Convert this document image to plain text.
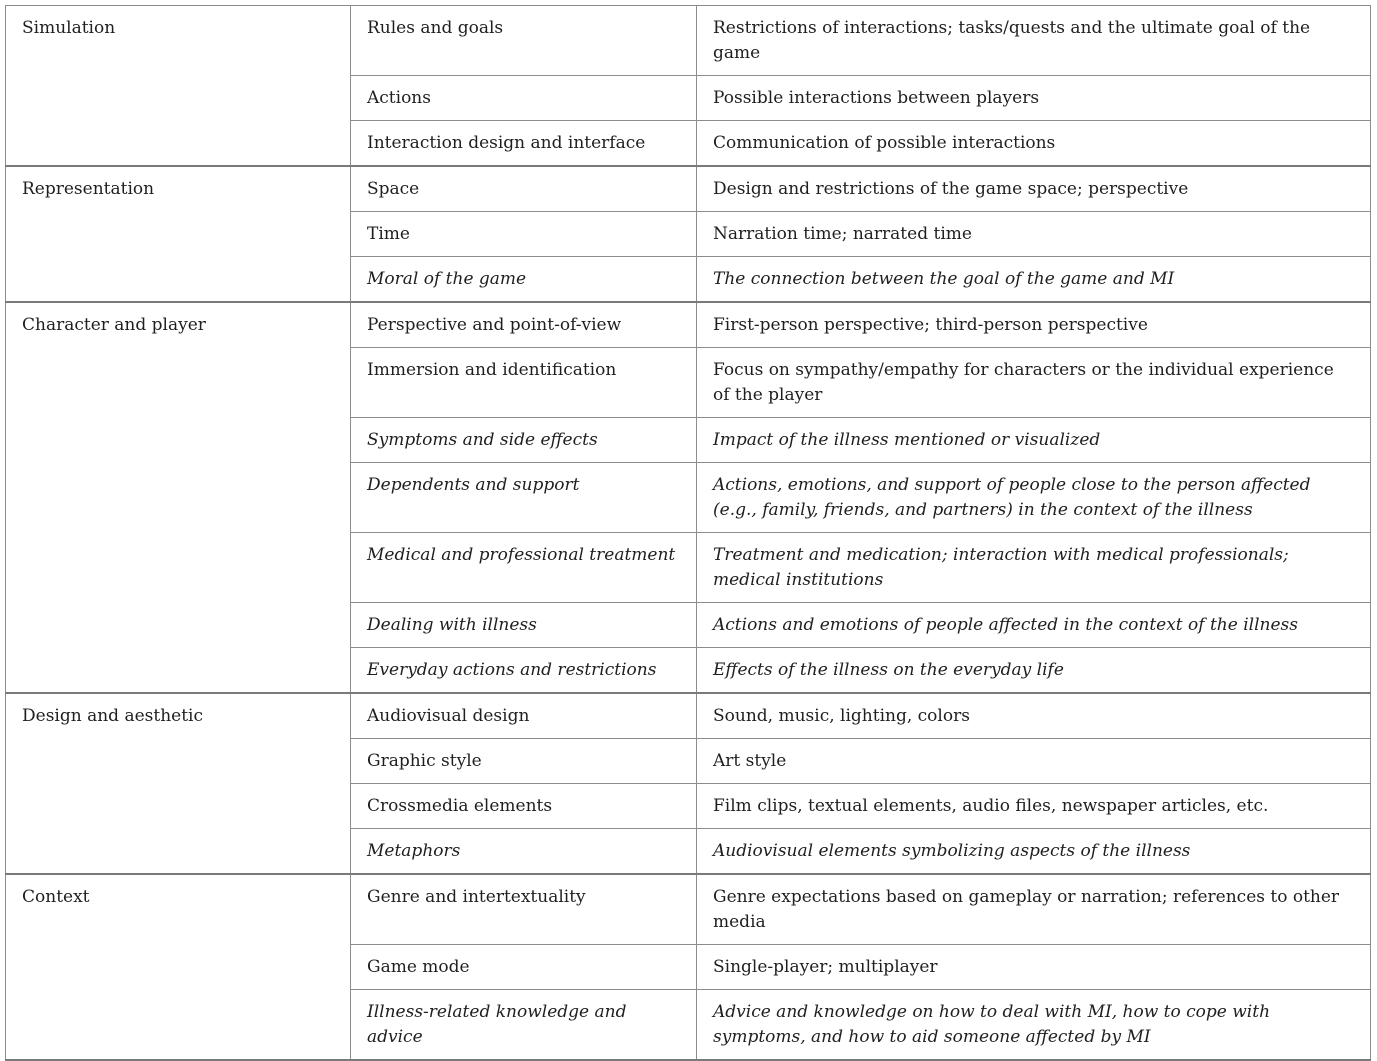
Simulation	Rules and goals	Restrictions of interactions; tasks/quests and the ultimate goal of the game
	Actions	Possible interactions between players
	Interaction design and interface	Communication of possible interactions
Representation	Space	Design and restrictions of the game space; perspective
	Time	Narration time; narrated time
	Moral of the game	The connection between the goal of the game and MI
Character and player	Perspective and point-of-view	First-person perspective; third-person perspective
	Immersion and identification	Focus on sympathy/empathy for characters or the individual experience of the player
	Symptoms and side effects	Impact of the illness mentioned or visualized
	Dependents and support	Actions, emotions, and support of people close to the person affected (e.g., family, friends, and partners) in the context of the illness
	Medical and professional treatment	Treatment and medication; interaction with medical professionals; medical institutions
	Dealing with illness	Actions and emotions of people affected in the context of the illness
	Everyday actions and restrictions	Effects of the illness on the everyday life
Design and aesthetic	Audiovisual design	Sound, music, lighting, colors
	Graphic style	Art style
	Crossmedia elements	Film clips, textual elements, audio files, newspaper articles, etc.
	Metaphors	Audiovisual elements symbolizing aspects of the illness
Context	Genre and intertextuality	Genre expectations based on gameplay or narration; references to other media
	Game mode	Single-player; multiplayer
	Illness-related knowledge and advice	Advice and knowledge on how to deal with MI, how to cope with symptoms, and how to aid someone affected by MI
